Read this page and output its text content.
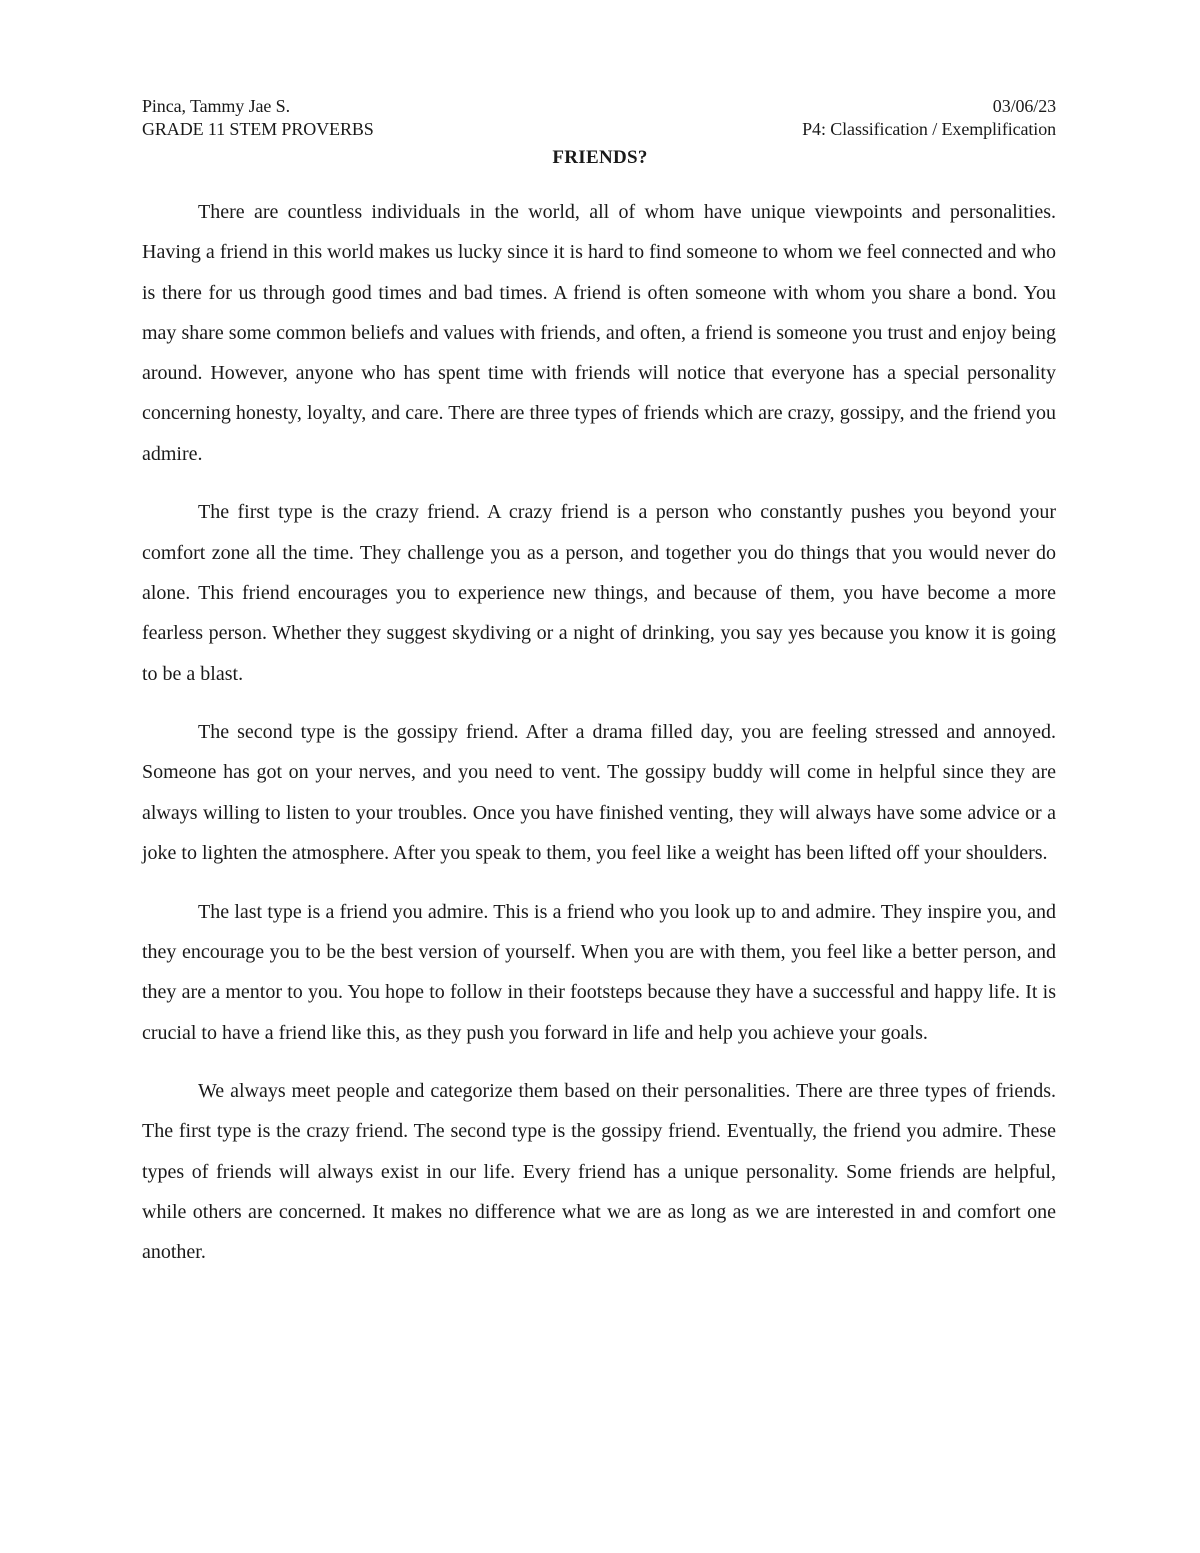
Pinca, Tammy Jae S.	03/06/23
GRADE 11 STEM PROVERBS	P4: Classification / Exemplification
FRIENDS?

There are countless individuals in the world, all of whom have unique viewpoints and personalities. Having a friend in this world makes us lucky since it is hard to find someone to whom we feel connected and who is there for us through good times and bad times. A friend is often someone with whom you share a bond. You may share some common beliefs and values with friends, and often, a friend is someone you trust and enjoy being around. However, anyone who has spent time with friends will notice that everyone has a special personality concerning honesty, loyalty, and care. There are three types of friends which are crazy, gossipy, and the friend you admire.

The first type is the crazy friend. A crazy friend is a person who constantly pushes you beyond your comfort zone all the time. They challenge you as a person, and together you do things that you would never do alone. This friend encourages you to experience new things, and because of them, you have become a more fearless person. Whether they suggest skydiving or a night of drinking, you say yes because you know it is going to be a blast.

The second type is the gossipy friend. After a drama filled day, you are feeling stressed and annoyed. Someone has got on your nerves, and you need to vent. The gossipy buddy will come in helpful since they are always willing to listen to your troubles. Once you have finished venting, they will always have some advice or a joke to lighten the atmosphere. After you speak to them, you feel like a weight has been lifted off your shoulders.

The last type is a friend you admire. This is a friend who you look up to and admire. They inspire you, and they encourage you to be the best version of yourself. When you are with them, you feel like a better person, and they are a mentor to you. You hope to follow in their footsteps because they have a successful and happy life. It is crucial to have a friend like this, as they push you forward in life and help you achieve your goals.

We always meet people and categorize them based on their personalities. There are three types of friends. The first type is the crazy friend. The second type is the gossipy friend. Eventually, the friend you admire. These types of friends will always exist in our life. Every friend has a unique personality. Some friends are helpful, while others are concerned. It makes no difference what we are as long as we are interested in and comfort one another.
